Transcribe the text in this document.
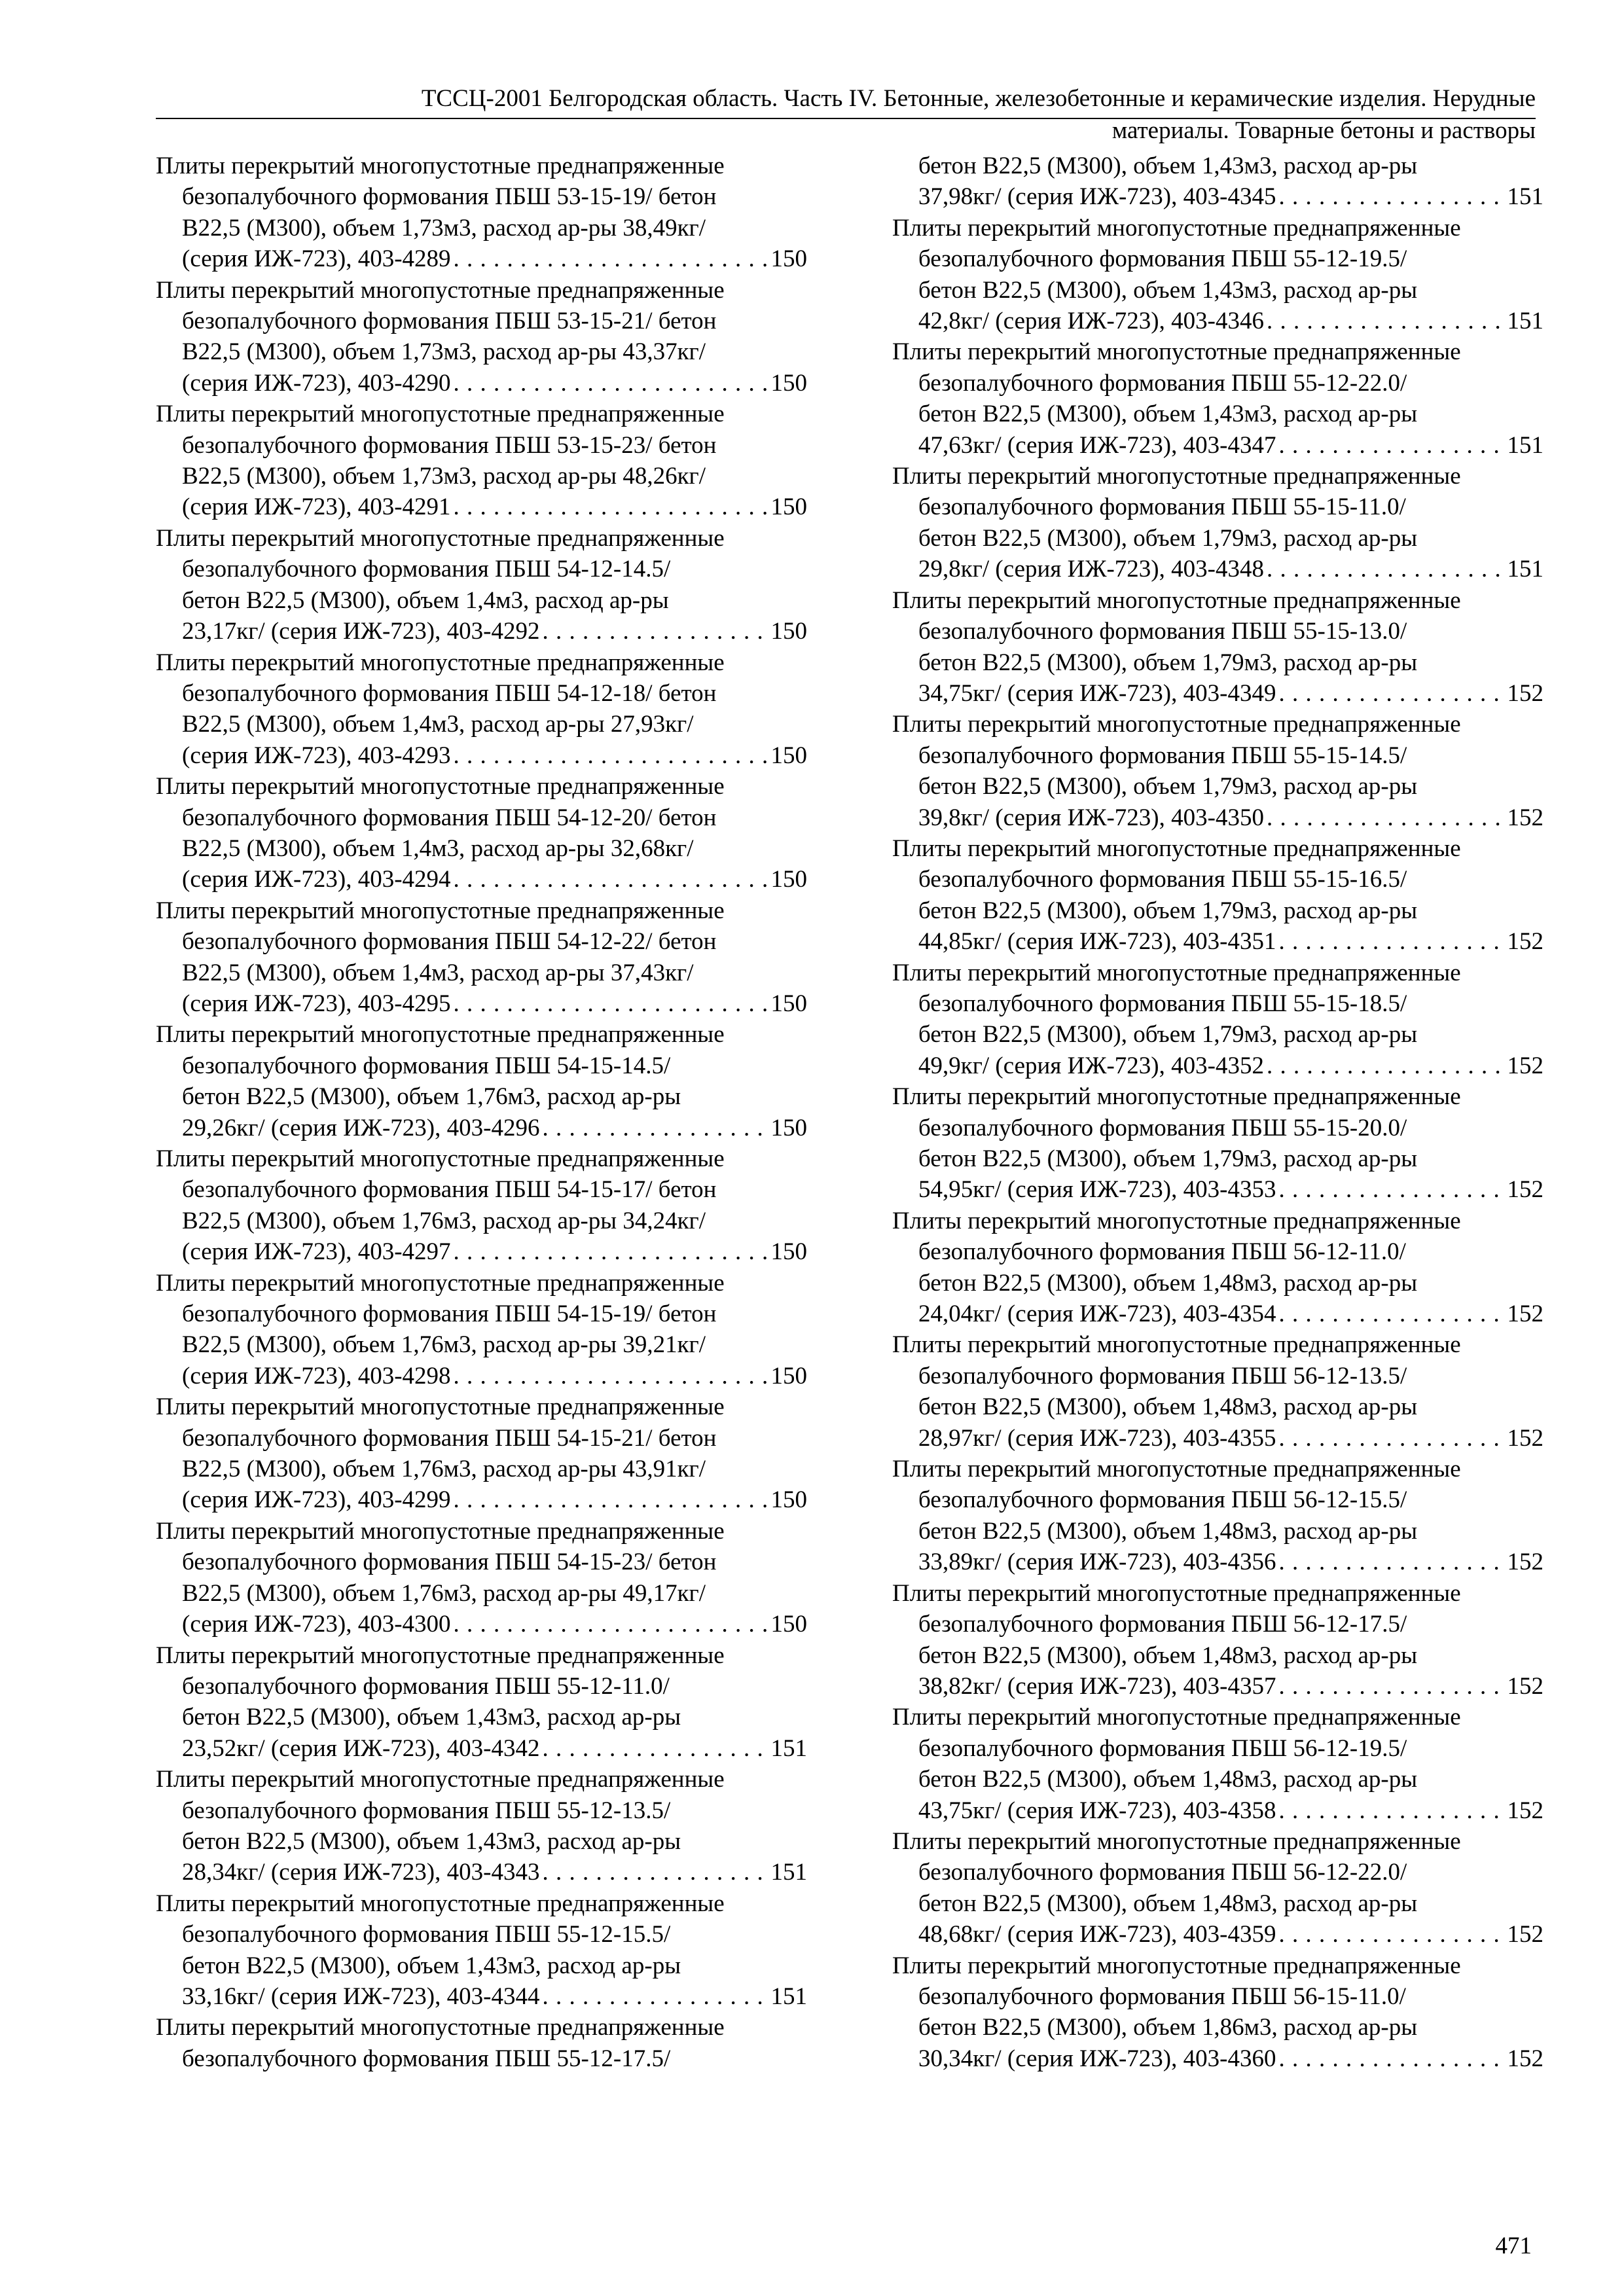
ТССЦ-2001 Белгородская область. Часть IV. Бетонные, железобетонные и керамические изделия. Нерудные
материалы. Товарные бетоны и растворы
Плиты перекрытий многопустотные преднапряженные
безопалубочного формования ПБШ 53-15-19/ бетон
B22,5 (М300), объем 1,73м3, расход ар-ры 38,49кг/
(серия ИЖ-723), 403-4289 . . .	150
Плиты перекрытий многопустотные преднапряженные
безопалубочного формования ПБШ 53-15-21/ бетон
B22,5 (М300), объем 1,73м3, расход ар-ры 43,37кг/
(серия ИЖ-723), 403-4290 . . .	150
Плиты перекрытий многопустотные преднапряженные
безопалубочного формования ПБШ 53-15-23/ бетон
B22,5 (М300), объем 1,73м3, расход ар-ры 48,26кг/
(серия ИЖ-723), 403-4291 . . .	150
Плиты перекрытий многопустотные преднапряженные
безопалубочного формования ПБШ 54-12-14.5/
бетон B22,5 (М300), объем 1,4м3, расход ар-ры
23,17кг/ (серия ИЖ-723), 403-4292 . . .	150
Плиты перекрытий многопустотные преднапряженные
безопалубочного формования ПБШ 54-12-18/ бетон
B22,5 (М300), объем 1,4м3, расход ар-ры 27,93кг/
(серия ИЖ-723), 403-4293 . . .	150
Плиты перекрытий многопустотные преднапряженные
безопалубочного формования ПБШ 54-12-20/ бетон
B22,5 (М300), объем 1,4м3, расход ар-ры 32,68кг/
(серия ИЖ-723), 403-4294 . . .	150
Плиты перекрытий многопустотные преднапряженные
безопалубочного формования ПБШ 54-12-22/ бетон
B22,5 (М300), объем 1,4м3, расход ар-ры 37,43кг/
(серия ИЖ-723), 403-4295 . . .	150
Плиты перекрытий многопустотные преднапряженные
безопалубочного формования ПБШ 54-15-14.5/
бетон B22,5 (М300), объем 1,76м3, расход ар-ры
29,26кг/ (серия ИЖ-723), 403-4296 . . .	150
Плиты перекрытий многопустотные преднапряженные
безопалубочного формования ПБШ 54-15-17/ бетон
B22,5 (М300), объем 1,76м3, расход ар-ры 34,24кг/
(серия ИЖ-723), 403-4297 . . .	150
Плиты перекрытий многопустотные преднапряженные
безопалубочного формования ПБШ 54-15-19/ бетон
B22,5 (М300), объем 1,76м3, расход ар-ры 39,21кг/
(серия ИЖ-723), 403-4298 . . .	150
Плиты перекрытий многопустотные преднапряженные
безопалубочного формования ПБШ 54-15-21/ бетон
B22,5 (М300), объем 1,76м3, расход ар-ры 43,91кг/
(серия ИЖ-723), 403-4299 . . .	150
Плиты перекрытий многопустотные преднапряженные
безопалубочного формования ПБШ 54-15-23/ бетон
B22,5 (М300), объем 1,76м3, расход ар-ры 49,17кг/
(серия ИЖ-723), 403-4300 . . .	150
Плиты перекрытий многопустотные преднапряженные
безопалубочного формования ПБШ 55-12-11.0/
бетон B22,5 (М300), объем 1,43м3, расход ар-ры
23,52кг/ (серия ИЖ-723), 403-4342 . . .	151
Плиты перекрытий многопустотные преднапряженные
безопалубочного формования ПБШ 55-12-13.5/
бетон B22,5 (М300), объем 1,43м3, расход ар-ры
28,34кг/ (серия ИЖ-723), 403-4343 . . .	151
Плиты перекрытий многопустотные преднапряженные
безопалубочного формования ПБШ 55-12-15.5/
бетон B22,5 (М300), объем 1,43м3, расход ар-ры
33,16кг/ (серия ИЖ-723), 403-4344 . . .	151
Плиты перекрытий многопустотные преднапряженные
безопалубочного формования ПБШ 55-12-17.5/
бетон B22,5 (М300), объем 1,43м3, расход ар-ры
37,98кг/ (серия ИЖ-723), 403-4345 . . .	151
Плиты перекрытий многопустотные преднапряженные
безопалубочного формования ПБШ 55-12-19.5/
бетон B22,5 (М300), объем 1,43м3, расход ар-ры
42,8кг/ (серия ИЖ-723), 403-4346 . . .	151
Плиты перекрытий многопустотные преднапряженные
безопалубочного формования ПБШ 55-12-22.0/
бетон B22,5 (М300), объем 1,43м3, расход ар-ры
47,63кг/ (серия ИЖ-723), 403-4347 . . .	151
Плиты перекрытий многопустотные преднапряженные
безопалубочного формования ПБШ 55-15-11.0/
бетон B22,5 (М300), объем 1,79м3, расход ар-ры
29,8кг/ (серия ИЖ-723), 403-4348 . . .	151
Плиты перекрытий многопустотные преднапряженные
безопалубочного формования ПБШ 55-15-13.0/
бетон B22,5 (М300), объем 1,79м3, расход ар-ры
34,75кг/ (серия ИЖ-723), 403-4349 . . .	152
Плиты перекрытий многопустотные преднапряженные
безопалубочного формования ПБШ 55-15-14.5/
бетон B22,5 (М300), объем 1,79м3, расход ар-ры
39,8кг/ (серия ИЖ-723), 403-4350 . . .	152
Плиты перекрытий многопустотные преднапряженные
безопалубочного формования ПБШ 55-15-16.5/
бетон B22,5 (М300), объем 1,79м3, расход ар-ры
44,85кг/ (серия ИЖ-723), 403-4351 . . .	152
Плиты перекрытий многопустотные преднапряженные
безопалубочного формования ПБШ 55-15-18.5/
бетон B22,5 (М300), объем 1,79м3, расход ар-ры
49,9кг/ (серия ИЖ-723), 403-4352 . . .	152
Плиты перекрытий многопустотные преднапряженные
безопалубочного формования ПБШ 55-15-20.0/
бетон B22,5 (М300), объем 1,79м3, расход ар-ры
54,95кг/ (серия ИЖ-723), 403-4353 . . .	152
Плиты перекрытий многопустотные преднапряженные
безопалубочного формования ПБШ 56-12-11.0/
бетон B22,5 (М300), объем 1,48м3, расход ар-ры
24,04кг/ (серия ИЖ-723), 403-4354 . . .	152
Плиты перекрытий многопустотные преднапряженные
безопалубочного формования ПБШ 56-12-13.5/
бетон B22,5 (М300), объем 1,48м3, расход ар-ры
28,97кг/ (серия ИЖ-723), 403-4355 . . .	152
Плиты перекрытий многопустотные преднапряженные
безопалубочного формования ПБШ 56-12-15.5/
бетон B22,5 (М300), объем 1,48м3, расход ар-ры
33,89кг/ (серия ИЖ-723), 403-4356 . . .	152
Плиты перекрытий многопустотные преднапряженные
безопалубочного формования ПБШ 56-12-17.5/
бетон B22,5 (М300), объем 1,48м3, расход ар-ры
38,82кг/ (серия ИЖ-723), 403-4357 . . .	152
Плиты перекрытий многопустотные преднапряженные
безопалубочного формования ПБШ 56-12-19.5/
бетон B22,5 (М300), объем 1,48м3, расход ар-ры
43,75кг/ (серия ИЖ-723), 403-4358 . . .	152
Плиты перекрытий многопустотные преднапряженные
безопалубочного формования ПБШ 56-12-22.0/
бетон B22,5 (М300), объем 1,48м3, расход ар-ры
48,68кг/ (серия ИЖ-723), 403-4359 . . .	152
Плиты перекрытий многопустотные преднапряженные
безопалубочного формования ПБШ 56-15-11.0/
бетон B22,5 (М300), объем 1,86м3, расход ар-ры
30,34кг/ (серия ИЖ-723), 403-4360 . . .	152
471
